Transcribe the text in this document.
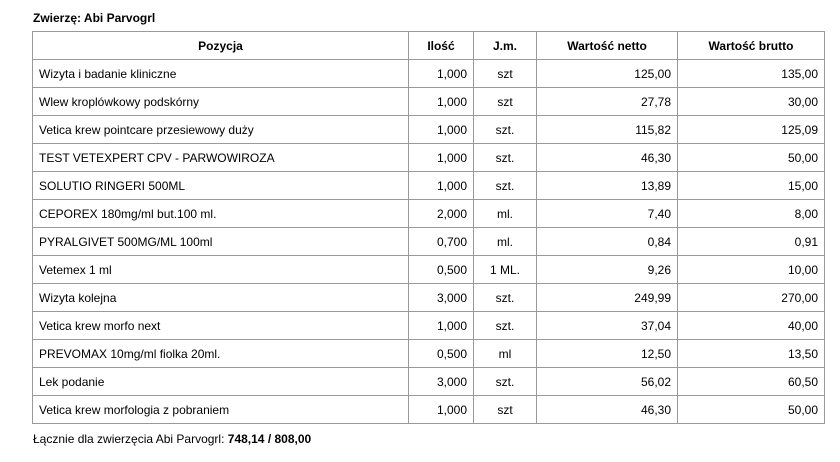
Zwierzę: Abi Parvogrl
Pozycja	Ilość	J.m.	Wartość netto	Wartość brutto
Wizyta i badanie kliniczne	1,000	szt	125,00	135,00
Wlew kroplówkowy podskórny	1,000	szt	27,78	30,00
Vetica krew pointcare przesiewowy duży	1,000	szt.	115,82	125,09
TEST VETEXPERT CPV - PARWOWIROZA	1,000	szt.	46,30	50,00
SOLUTIO RINGERI 500ML	1,000	szt.	13,89	15,00
CEPOREX 180mg/ml but.100 ml.	2,000	ml.	7,40	8,00
PYRALGIVET 500MG/ML 100ml	0,700	ml.	0,84	0,91
Vetemex 1 ml	0,500	1 ML.	9,26	10,00
Wizyta kolejna	3,000	szt.	249,99	270,00
Vetica krew morfo next	1,000	szt.	37,04	40,00
PREVOMAX 10mg/ml fiolka 20ml.	0,500	ml	12,50	13,50
Lek podanie	3,000	szt.	56,02	60,50
Vetica krew morfologia z pobraniem	1,000	szt	46,30	50,00
Łącznie dla zwierzęcia Abi Parvogrl: 748,14 / 808,00
